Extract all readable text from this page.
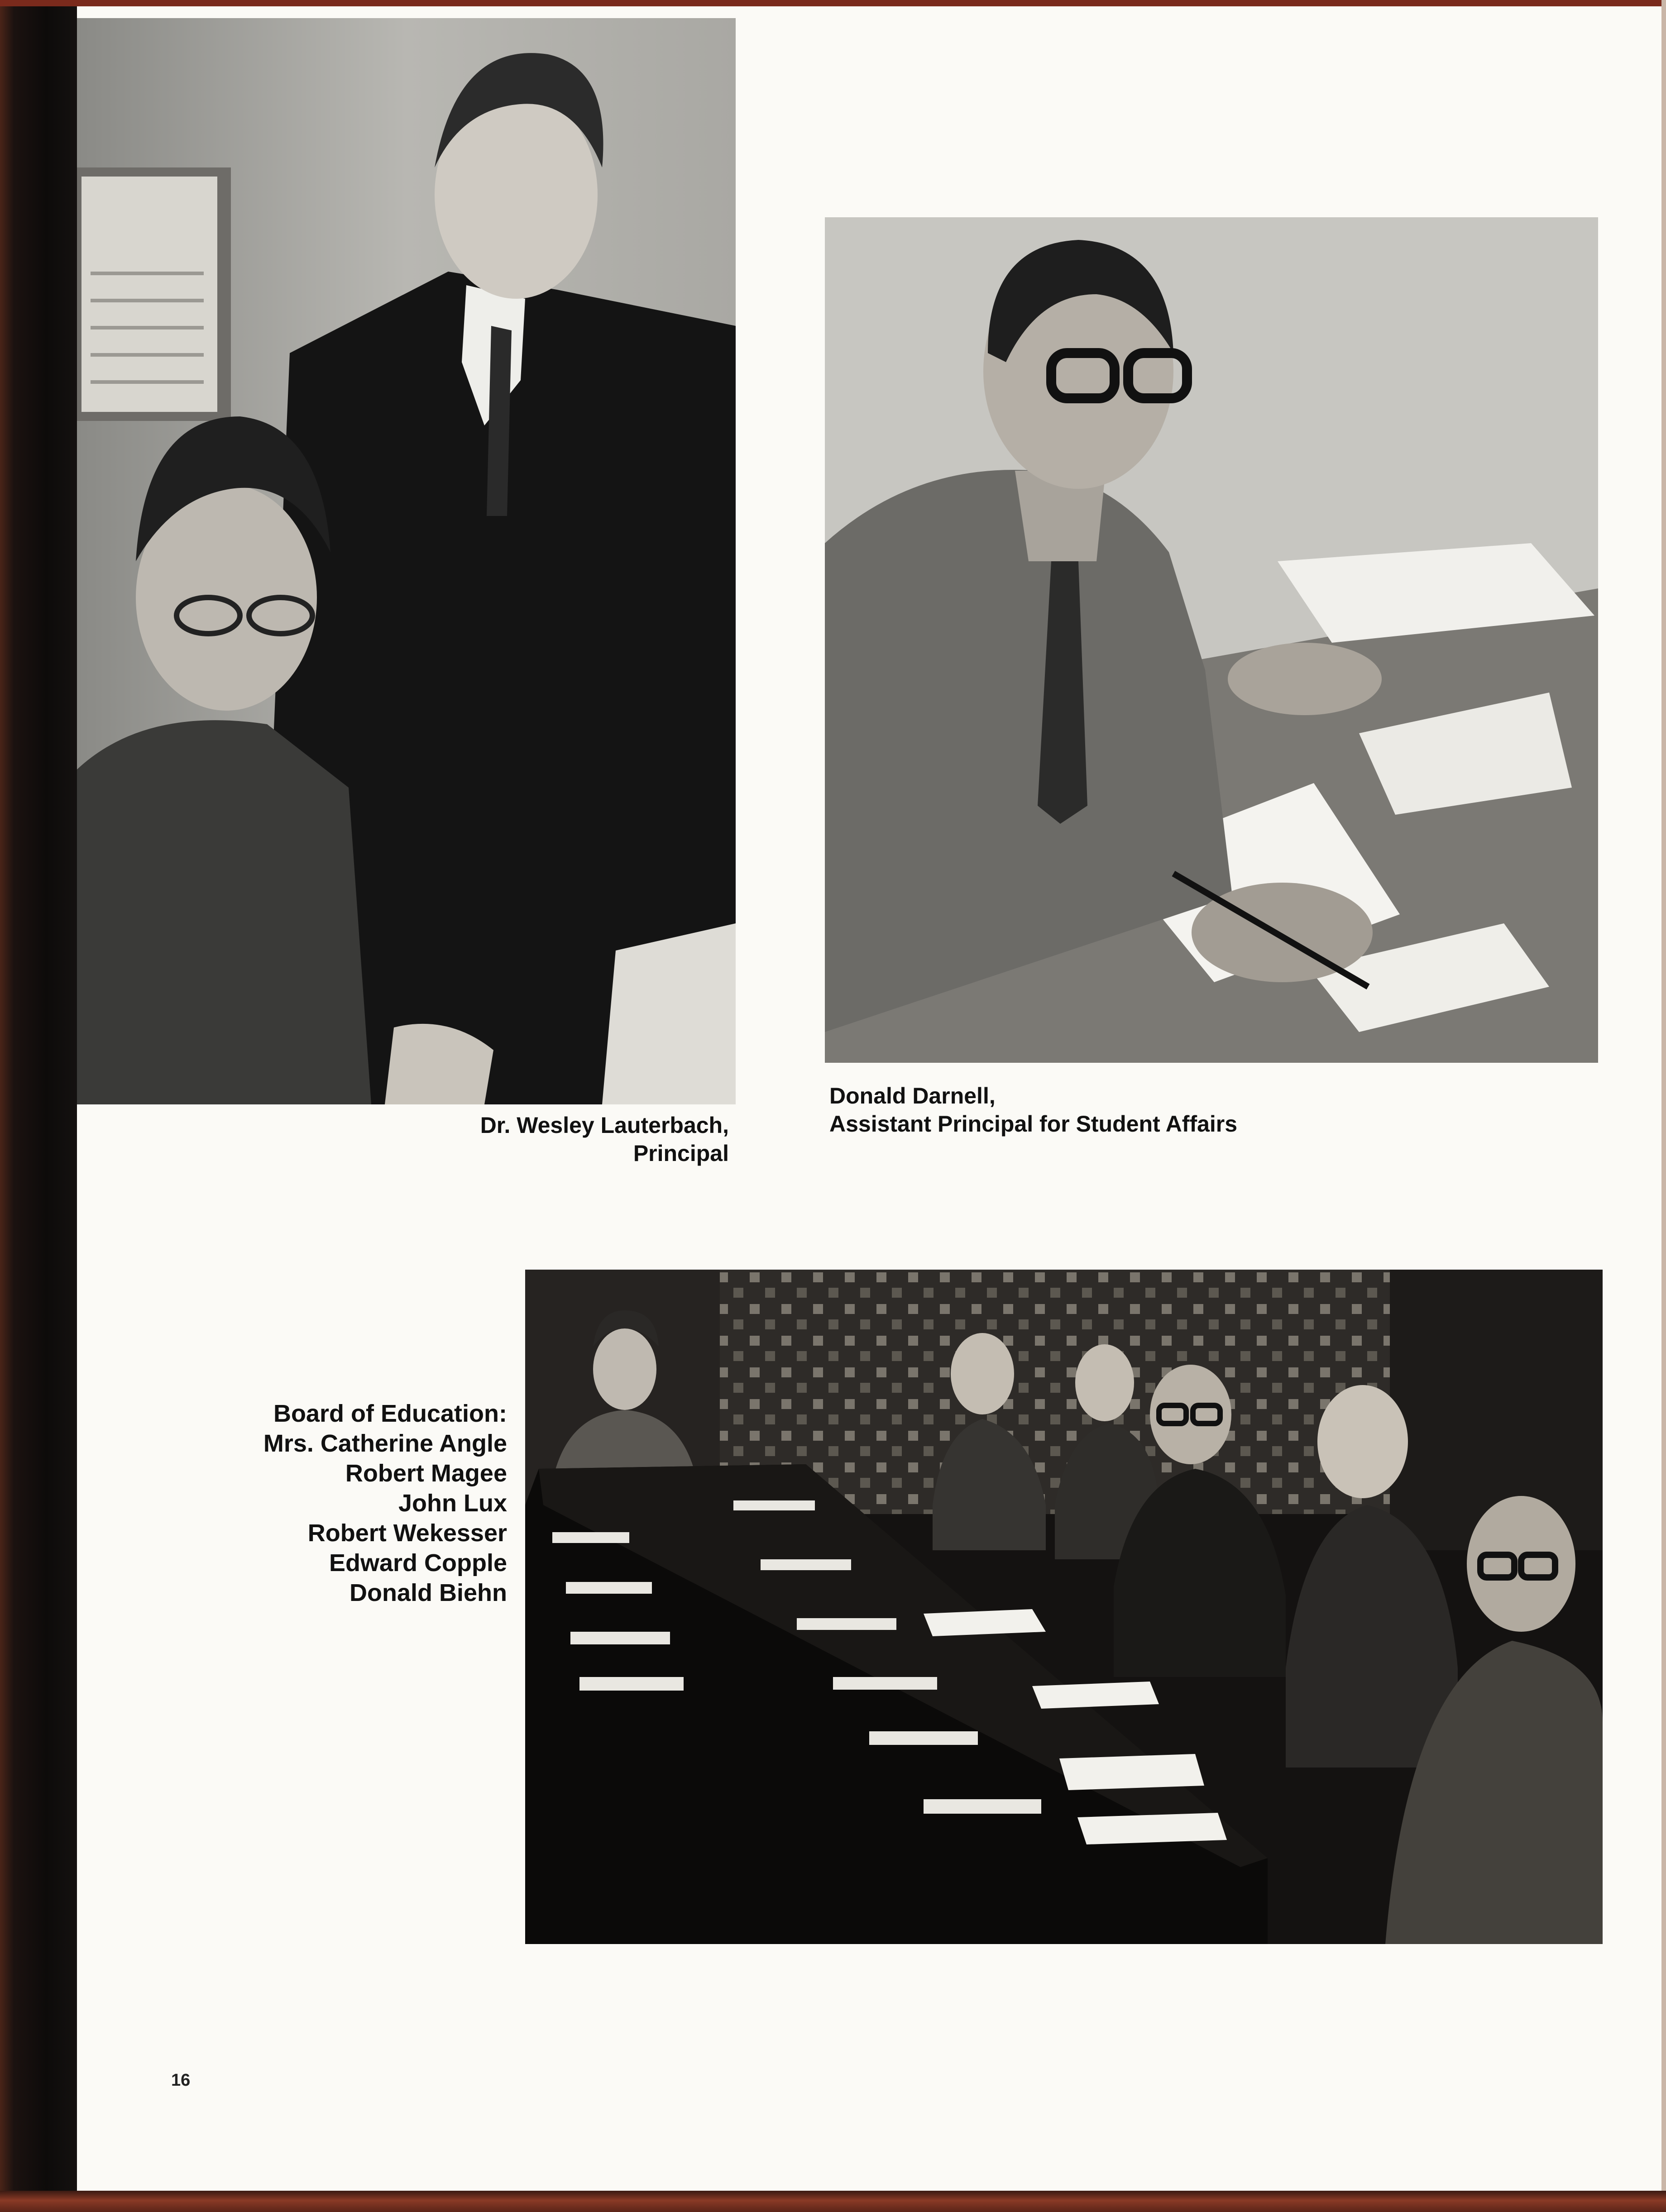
Dr. Wesley Lauterbach,
Principal
Donald Darnell,
Assistant Principal for Student Affairs
Board of Education:
Mrs. Catherine Angle
Robert Magee
John Lux
Robert Wekesser
Edward Copple
Donald Biehn
16
